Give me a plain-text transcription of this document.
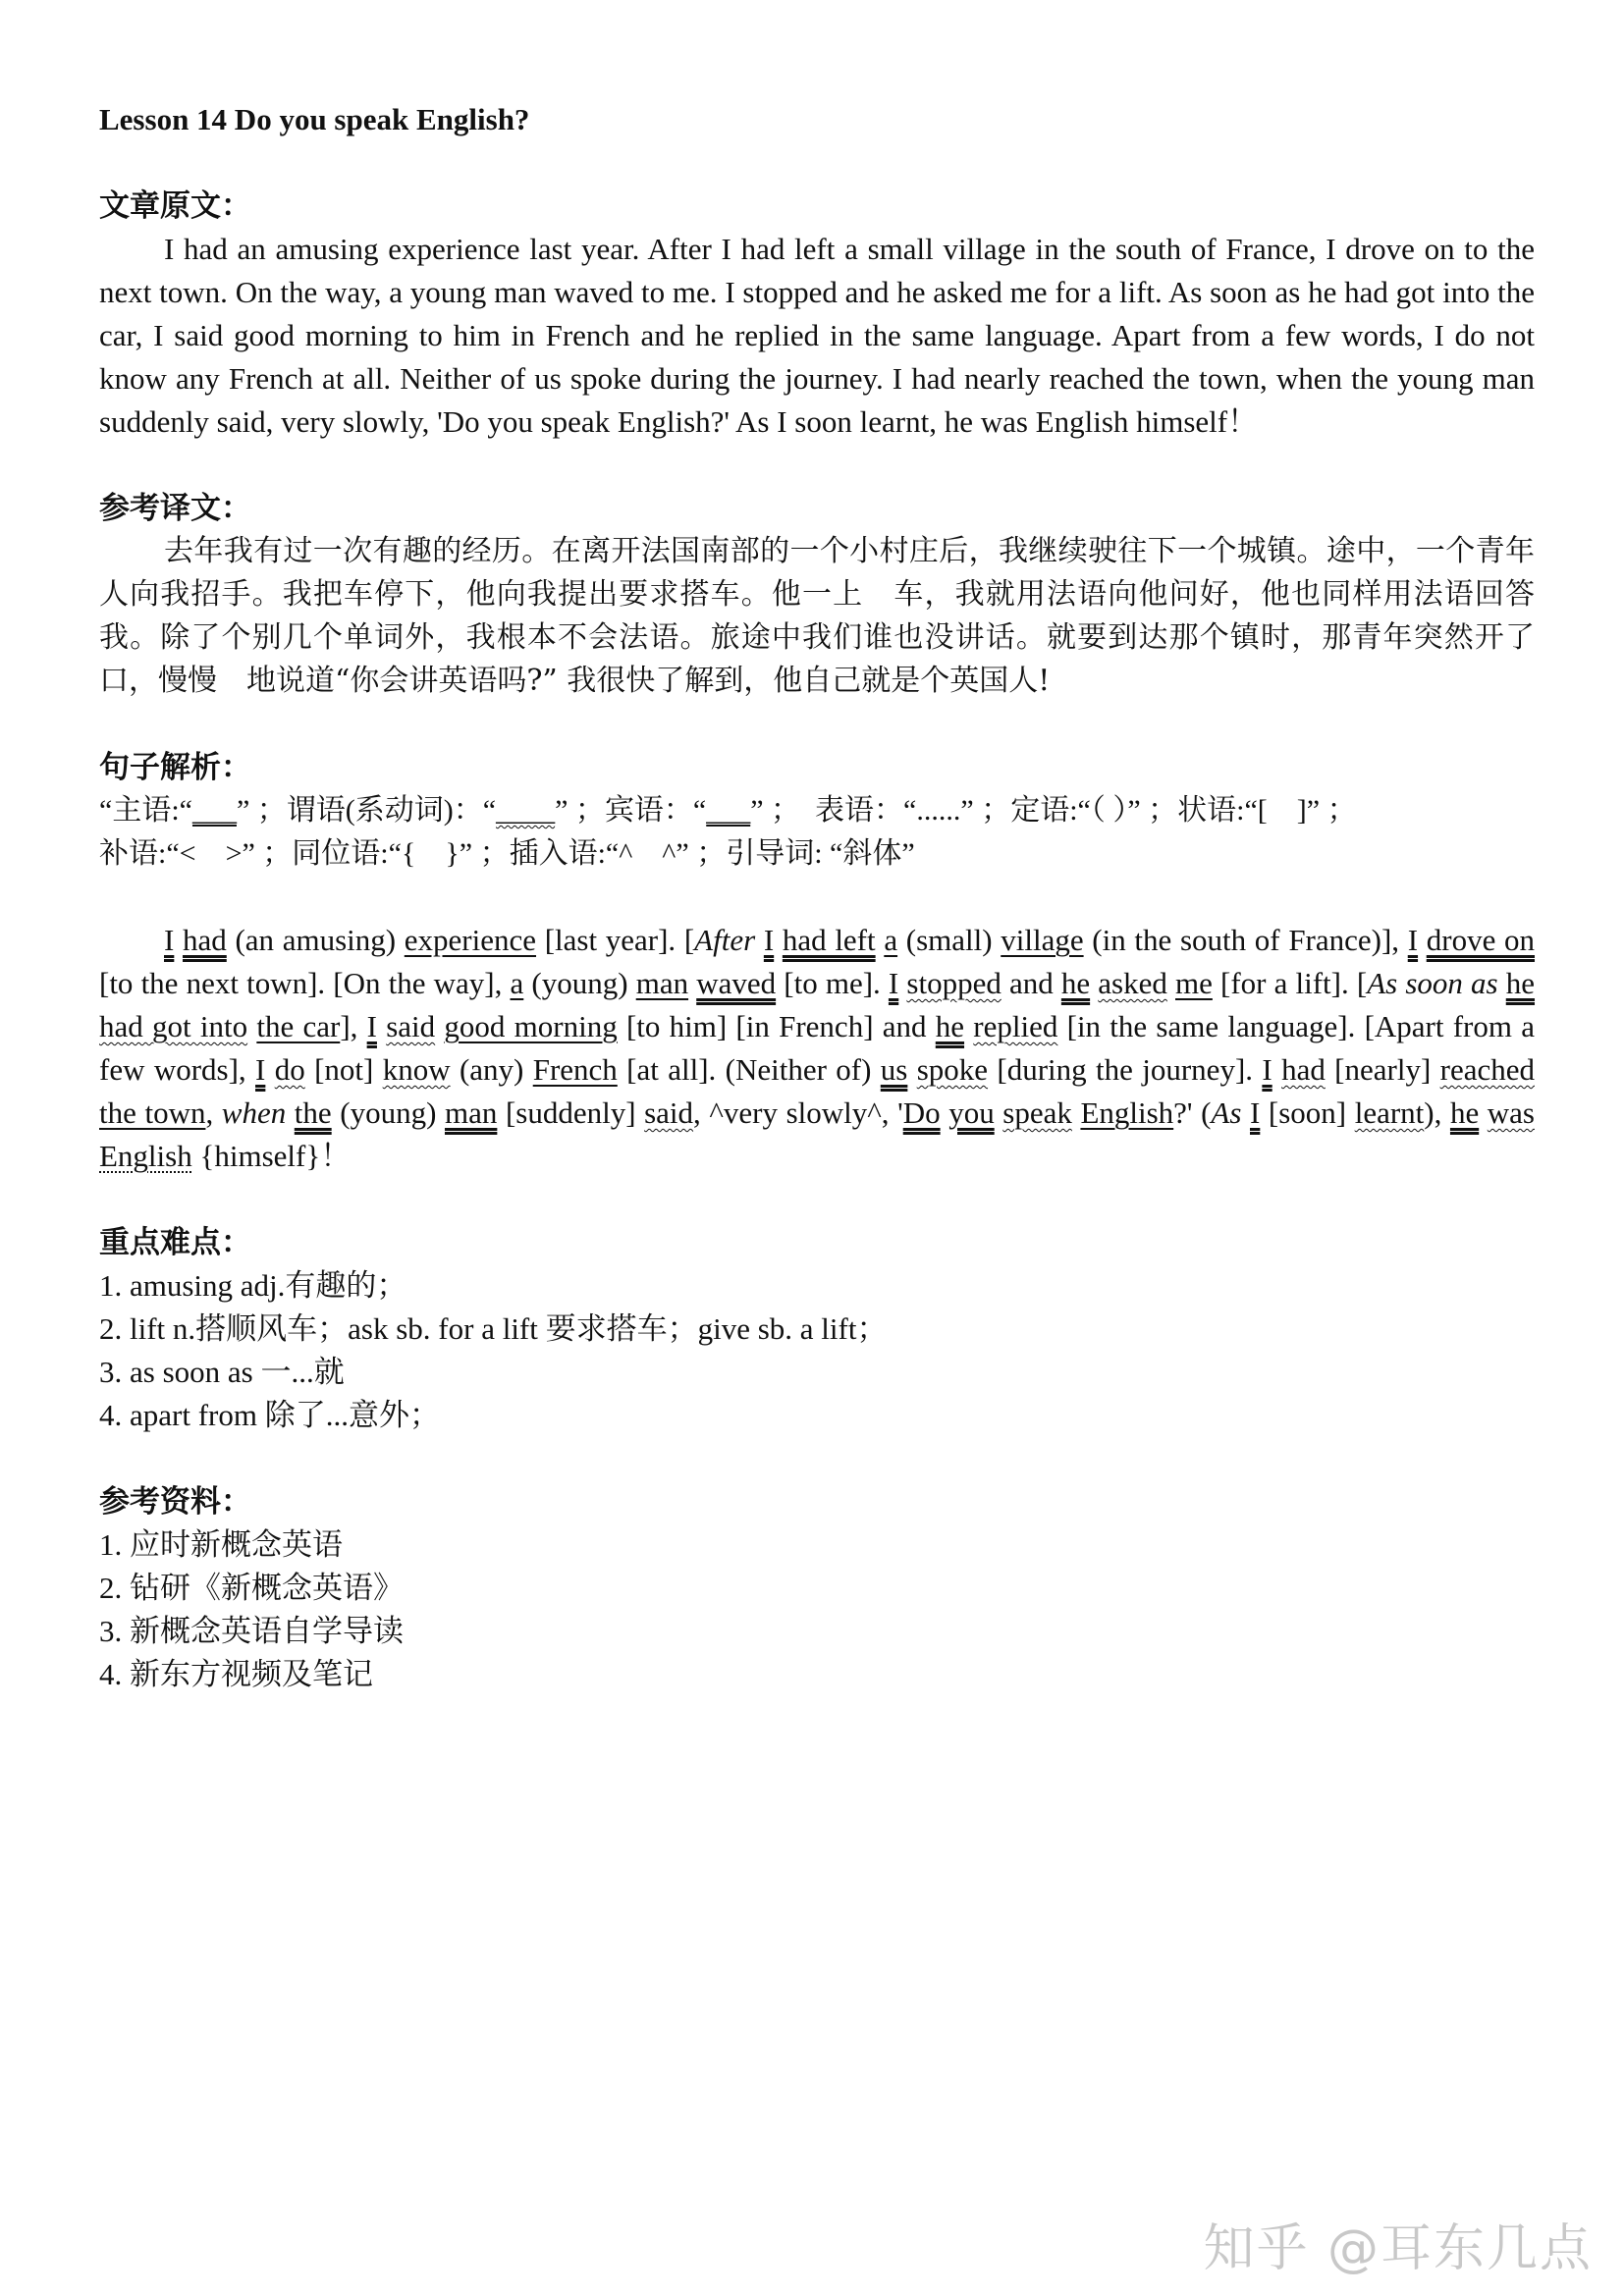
Lesson 14 Do you speak English?

文章原文：

I had an amusing experience last year. After I had left a small village in the south of France, I drove on to the next town. On the way, a young man waved to me. I stopped and he asked me for a lift. As soon as he had got into the car, I said good morning to him in French and he replied in the same language. Apart from a few words, I do not know any French at all. Neither of us spoke during the journey. I had nearly reached the town, when the young man suddenly said, very slowly, 'Do you speak English?' As I soon learnt, he was English himself！

参考译文：

去年我有过一次有趣的经历。在离开法国南部的一个小村庄后，我继续驶往下一个城镇。途中，一个青年人向我招手。我把车停下，他向我提出要求搭车。他一上　车，我就用法语向他问好，他也同样用法语回答我。除了个别几个单词外，我根本不会法语。旅途中我们谁也没讲话。就要到达那个镇时，那青年突然开了口，慢慢　地说道“你会讲英语吗?” 我很快了解到，他自己就是个英国人!

句子解析：

“主语:“___” ；谓语(系动词)：“____” ；宾语：“___” ；　表语：“......” ；定语:“（ ）” ；状语:“[　]” ；

补语:“<　>” ；同位语:“{　}” ；插入语:“^　^” ；引导词: “斜体”

I had (an amusing) experience [last year]. [After I had left a (small) village (in the south of France)], I drove on [to the next town]. [On the way], a (young) man waved [to me]. I stopped and he asked me [for a lift]. [As soon as he had got into the car], I said good morning [to him] [in French] and he replied [in the same language]. [Apart from a few words], I do [not] know (any) French [at all]. (Neither of) us spoke [during the journey]. I had [nearly] reached the town, when the (young) man [suddenly] said, ^very slowly^, 'Do you speak English?' (As I [soon] learnt), he was English {himself}！

重点难点：

1. amusing adj.有趣的；
2. lift n.搭顺风车；ask sb. for a lift 要求搭车；give sb. a lift；
3. as soon as 一...就
4. apart from 除了...意外；

参考资料：

1. 应时新概念英语
2. 钻研《新概念英语》
3. 新概念英语自学导读
4. 新东方视频及笔记
知乎 @耳东几点
